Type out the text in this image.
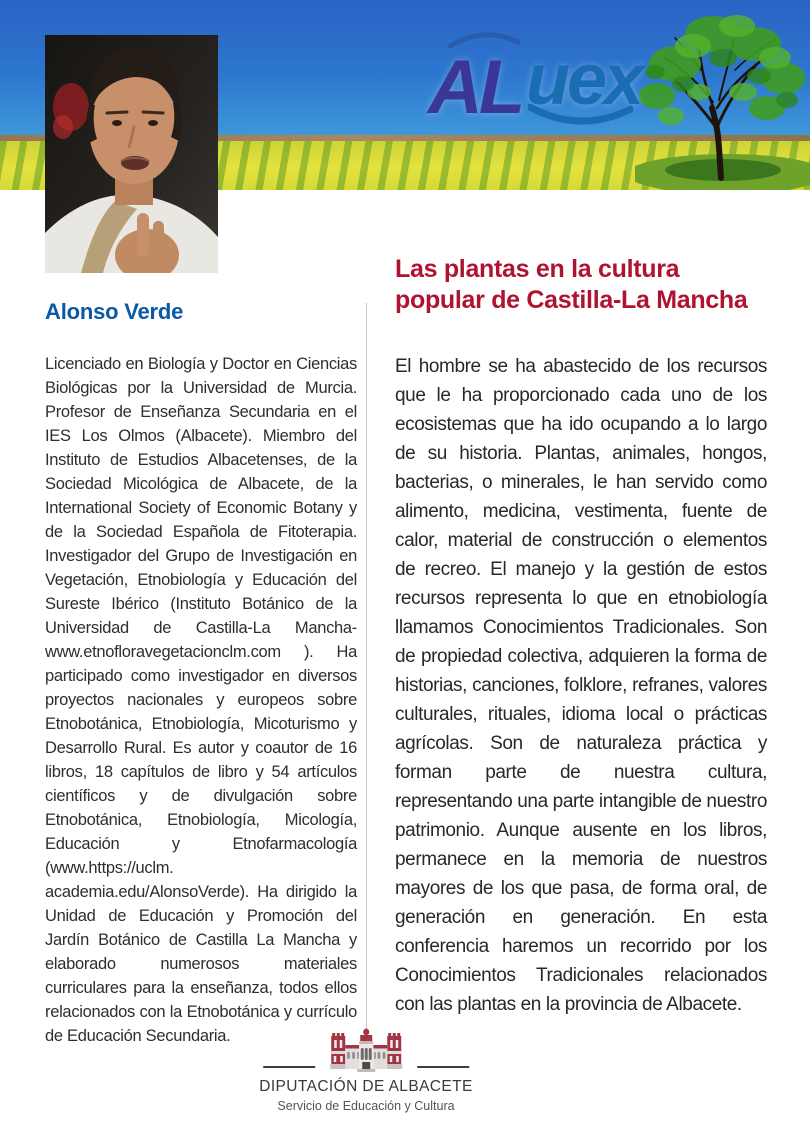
AL uex
Alonso Verde
Licenciado en Biología y Doctor en Ciencias Biológicas por la Universidad de Murcia. Profesor de Enseñanza Secundaria en el IES Los Olmos (Albacete). Miembro del Instituto de Estudios Albacetenses, de la Sociedad Micológica de Albacete, de la International Society of Economic Botany y de la Sociedad Española de Fitoterapia. Investigador del Grupo de Investigación en Vegetación, Etnobiología y Educación del Sureste Ibérico (Instituto Botánico de la Universidad de Castilla-La Mancha- www.etnofloravegetacionclm.com ). Ha participado como investigador en diversos proyectos nacionales y europeos sobre Etnobotánica, Etnobiología, Micoturismo y Desarrollo Rural. Es autor y coautor de 16 libros, 18 capítulos de libro y 54 artículos científicos y de divulgación sobre Etnobotánica, Etnobiología, Micología, Educación y Etnofarmacología (www.https://uclm. academia.edu/AlonsoVerde). Ha dirigido la Unidad de Educación y Promoción del Jardín Botánico de Castilla La Mancha y elaborado numerosos materiales curriculares para la enseñanza, todos ellos relacionados con la Etnobotánica y currículo de Educación Secundaria.
Las plantas en la cultura popular de Castilla-La Mancha
El hombre se ha abastecido de los recursos que le ha proporcionado cada uno de los ecosistemas que ha ido ocupando a lo largo de su historia. Plantas, animales, hongos, bacterias, o minerales, le han servido como alimento, medicina, vestimenta, fuente de calor, material de construcción o elementos de recreo. El manejo y la gestión de estos recursos representa lo que en etnobiología llamamos Conocimientos Tradicionales. Son de propiedad colectiva, adquieren la forma de historias, canciones, folklore, refranes, valores culturales, rituales, idioma local o prácticas agrícolas. Son de naturaleza práctica y forman parte de nuestra cultura, representando una parte intangible de nuestro patrimonio. Aunque ausente en los libros, permanece en la memoria de nuestros mayores de los que pasa, de forma oral, de generación en generación. En esta conferencia haremos un recorrido por los Conocimientos Tradicionales relacionados con las plantas en la provincia de Albacete.
DIPUTACIÓN DE ALBACETE
Servicio de Educación y Cultura
